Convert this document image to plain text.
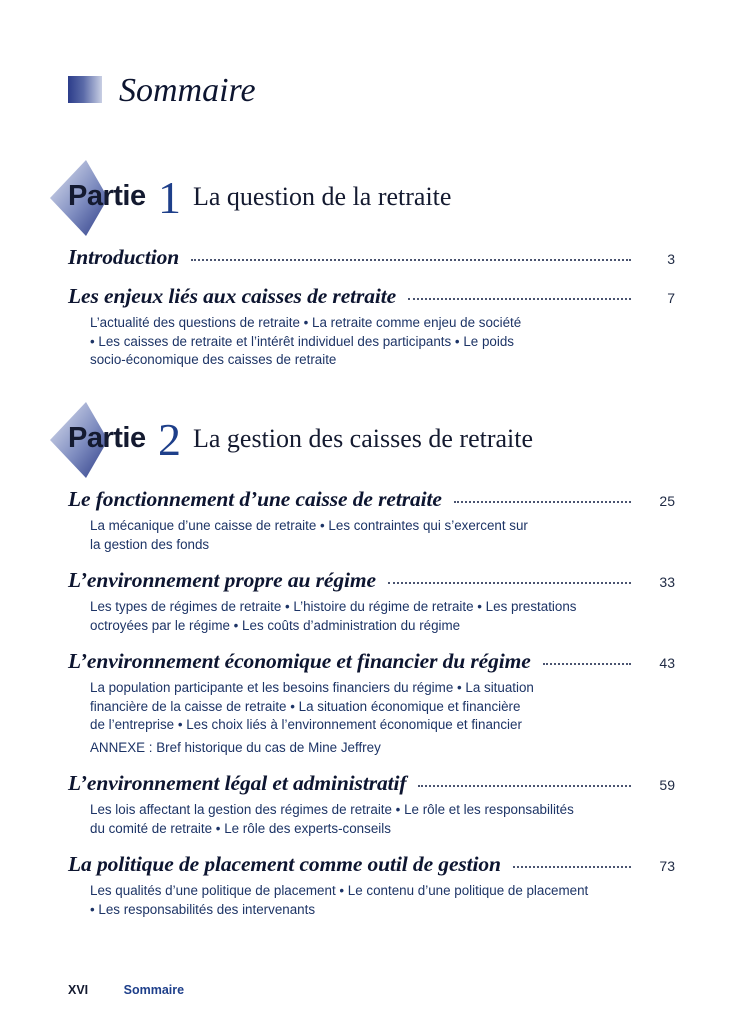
Sommaire
Partie 1 La question de la retraite
Introduction	3
Les enjeux liés aux caisses de retraite	7
L’actualité des questions de retraite • La retraite comme enjeu de société
• Les caisses de retraite et l’intérêt individuel des participants • Le poids
socio-économique des caisses de retraite
Partie 2 La gestion des caisses de retraite
Le fonctionnement d’une caisse de retraite	25
La mécanique d’une caisse de retraite • Les contraintes qui s’exercent sur
la gestion des fonds
L’environnement propre au régime	33
Les types de régimes de retraite • L’histoire du régime de retraite • Les prestations
octroyées par le régime • Les coûts d’administration du régime
L’environnement économique et financier du régime	43
La population participante et les besoins financiers du régime • La situation
financière de la caisse de retraite • La situation économique et financière
de l’entreprise • Les choix liés à l’environnement économique et financier
ANNEXE : Bref historique du cas de Mine Jeffrey
L’environnement légal et administratif	59
Les lois affectant la gestion des régimes de retraite • Le rôle et les responsabilités
du comité de retraite • Le rôle des experts-conseils
La politique de placement comme outil de gestion	73
Les qualités d’une politique de placement • Le contenu d’une politique de placement
• Les responsabilités des intervenants
XVI	Sommaire
